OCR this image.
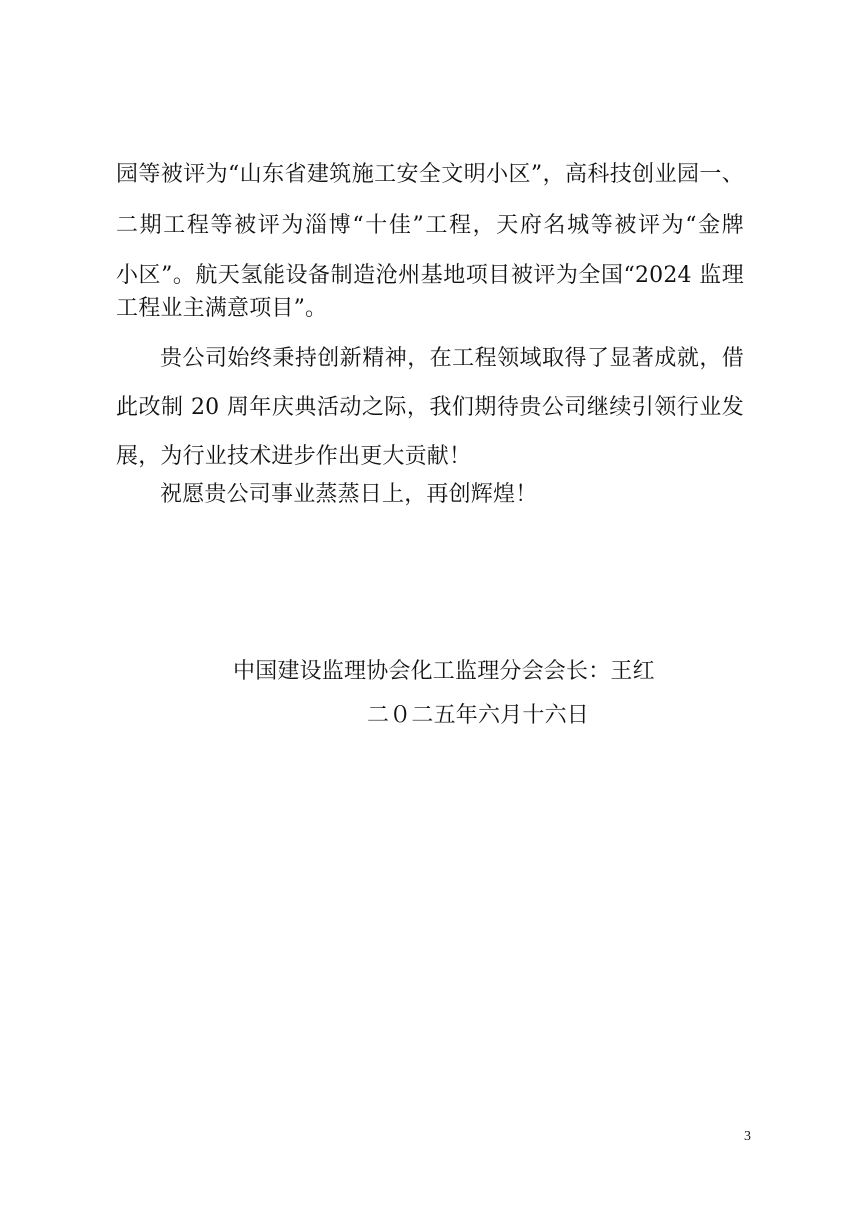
园等被评为“山东省建筑施工安全文明小区”，高科技创业园一、
二期工程等被评为淄博“十佳”工程，天府名城等被评为“金牌
小区”。航天氢能设备制造沧州基地项目被评为全国“2024 监理
工程业主满意项目”。
贵公司始终秉持创新精神，在工程领域取得了显著成就，借
此改制 20 周年庆典活动之际，我们期待贵公司继续引领行业发
展，为行业技术进步作出更大贡献！
祝愿贵公司事业蒸蒸日上，再创辉煌！
中国建设监理协会化工监理分会会长：王红
二０二五年六月十六日
3
